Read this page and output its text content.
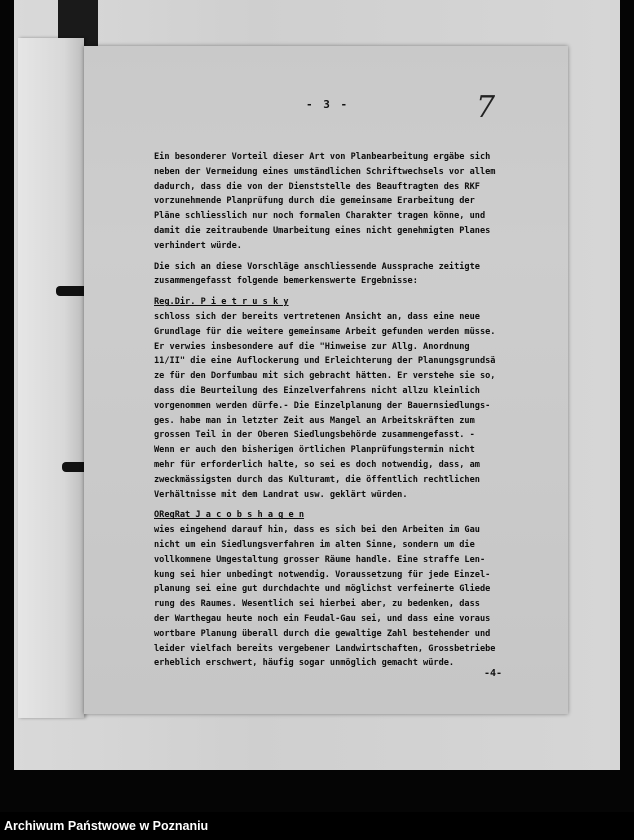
- 3 -	7

Ein besonderer Vorteil dieser Art von Planbearbeitung ergäbe sich

neben der Vermeidung eines umständlichen Schriftwechsels vor allem

dadurch, dass die von der Dienststelle des Beauftragten des RKF

vorzunehmende Planprüfung durch die gemeinsame Erarbeitung der

Pläne schliesslich nur noch formalen Charakter tragen könne, und

damit die zeitraubende Umarbeitung eines nicht genehmigten Planes

verhindert würde.

Die sich an diese Vorschläge anschliessende Aussprache zeitigte

zusammengefasst folgende bemerkenswerte Ergebnisse:

Reg.Dir. P i e t r u s k y

schloss sich der bereits vertretenen Ansicht an, dass eine neue

Grundlage für die weitere gemeinsame Arbeit gefunden werden müsse.

Er verwies insbesondere auf die "Hinweise zur Allg. Anordnung

11/II" die eine Auflockerung und Erleichterung der Planungsgrundsä

ze für den Dorfumbau mit sich gebracht hätten. Er verstehe sie so,

dass die Beurteilung des Einzelverfahrens nicht allzu kleinlich

vorgenommen werden dürfe.- Die Einzelplanung der Bauernsiedlungs-

ges. habe man in letzter Zeit aus Mangel an Arbeitskräften zum

grossen Teil in der Oberen Siedlungsbehörde zusammengefasst. -

Wenn er auch den bisherigen örtlichen Planprüfungstermin nicht

mehr für erforderlich halte, so sei es doch notwendig, dass, am

zweckmässigsten durch das Kulturamt, die öffentlich rechtlichen

Verhältnisse mit dem Landrat usw. geklärt würden.

ORegRat J a c o b s h a g e n

wies eingehend darauf hin, dass es sich bei den Arbeiten im Gau

nicht um ein Siedlungsverfahren im alten Sinne, sondern um die

vollkommene Umgestaltung grosser Räume handle. Eine straffe Len-

kung sei hier unbedingt notwendig. Voraussetzung für jede Einzel-

planung sei eine gut durchdachte und möglichst verfeinerte Gliede

rung des Raumes. Wesentlich sei hierbei aber, zu bedenken, dass

der Warthegau heute noch ein Feudal-Gau sei, und dass eine voraus

wortbare Planung überall durch die gewaltige Zahl bestehender und

leider vielfach bereits vergebener Landwirtschaften, Grossbetriebe

erheblich erschwert, häufig sogar unmöglich gemacht würde.

-4-
Archiwum Państwowe w Poznaniu
